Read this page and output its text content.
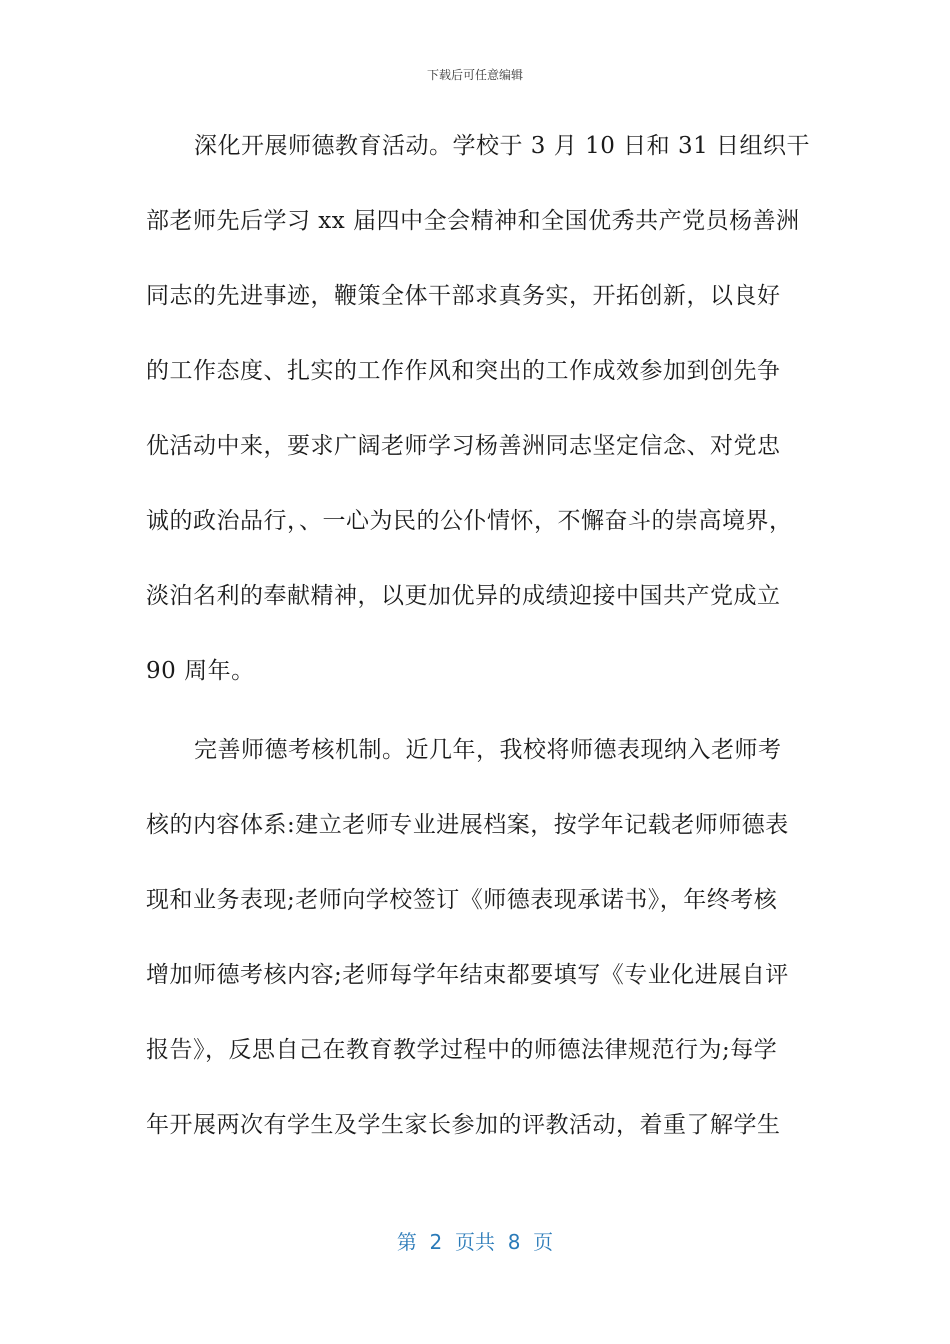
下载后可任意编辑
深化开展师德教育活动。学校于 3 月 10 日和 31 日组织干
部老师先后学习 xx 届四中全会精神和全国优秀共产党员杨善洲
同志的先进事迹，鞭策全体干部求真务实，开拓创新，以良好
的工作态度、扎实的工作作风和突出的工作成效参加到创先争
优活动中来，要求广阔老师学习杨善洲同志坚定信念、对党忠
诚的政治品行，、一心为民的公仆情怀，不懈奋斗的崇高境界，
淡泊名利的奉献精神，以更加优异的成绩迎接中国共产党成立
90 周年。
完善师德考核机制。近几年，我校将师德表现纳入老师考
核的内容体系:建立老师专业进展档案，按学年记载老师师德表
现和业务表现;老师向学校签订《师德表现承诺书》，年终考核
增加师德考核内容;老师每学年结束都要填写《专业化进展自评
报告》，反思自己在教育教学过程中的师德法律规范行为;每学
年开展两次有学生及学生家长参加的评教活动，着重了解学生
第  2  页共  8  页
